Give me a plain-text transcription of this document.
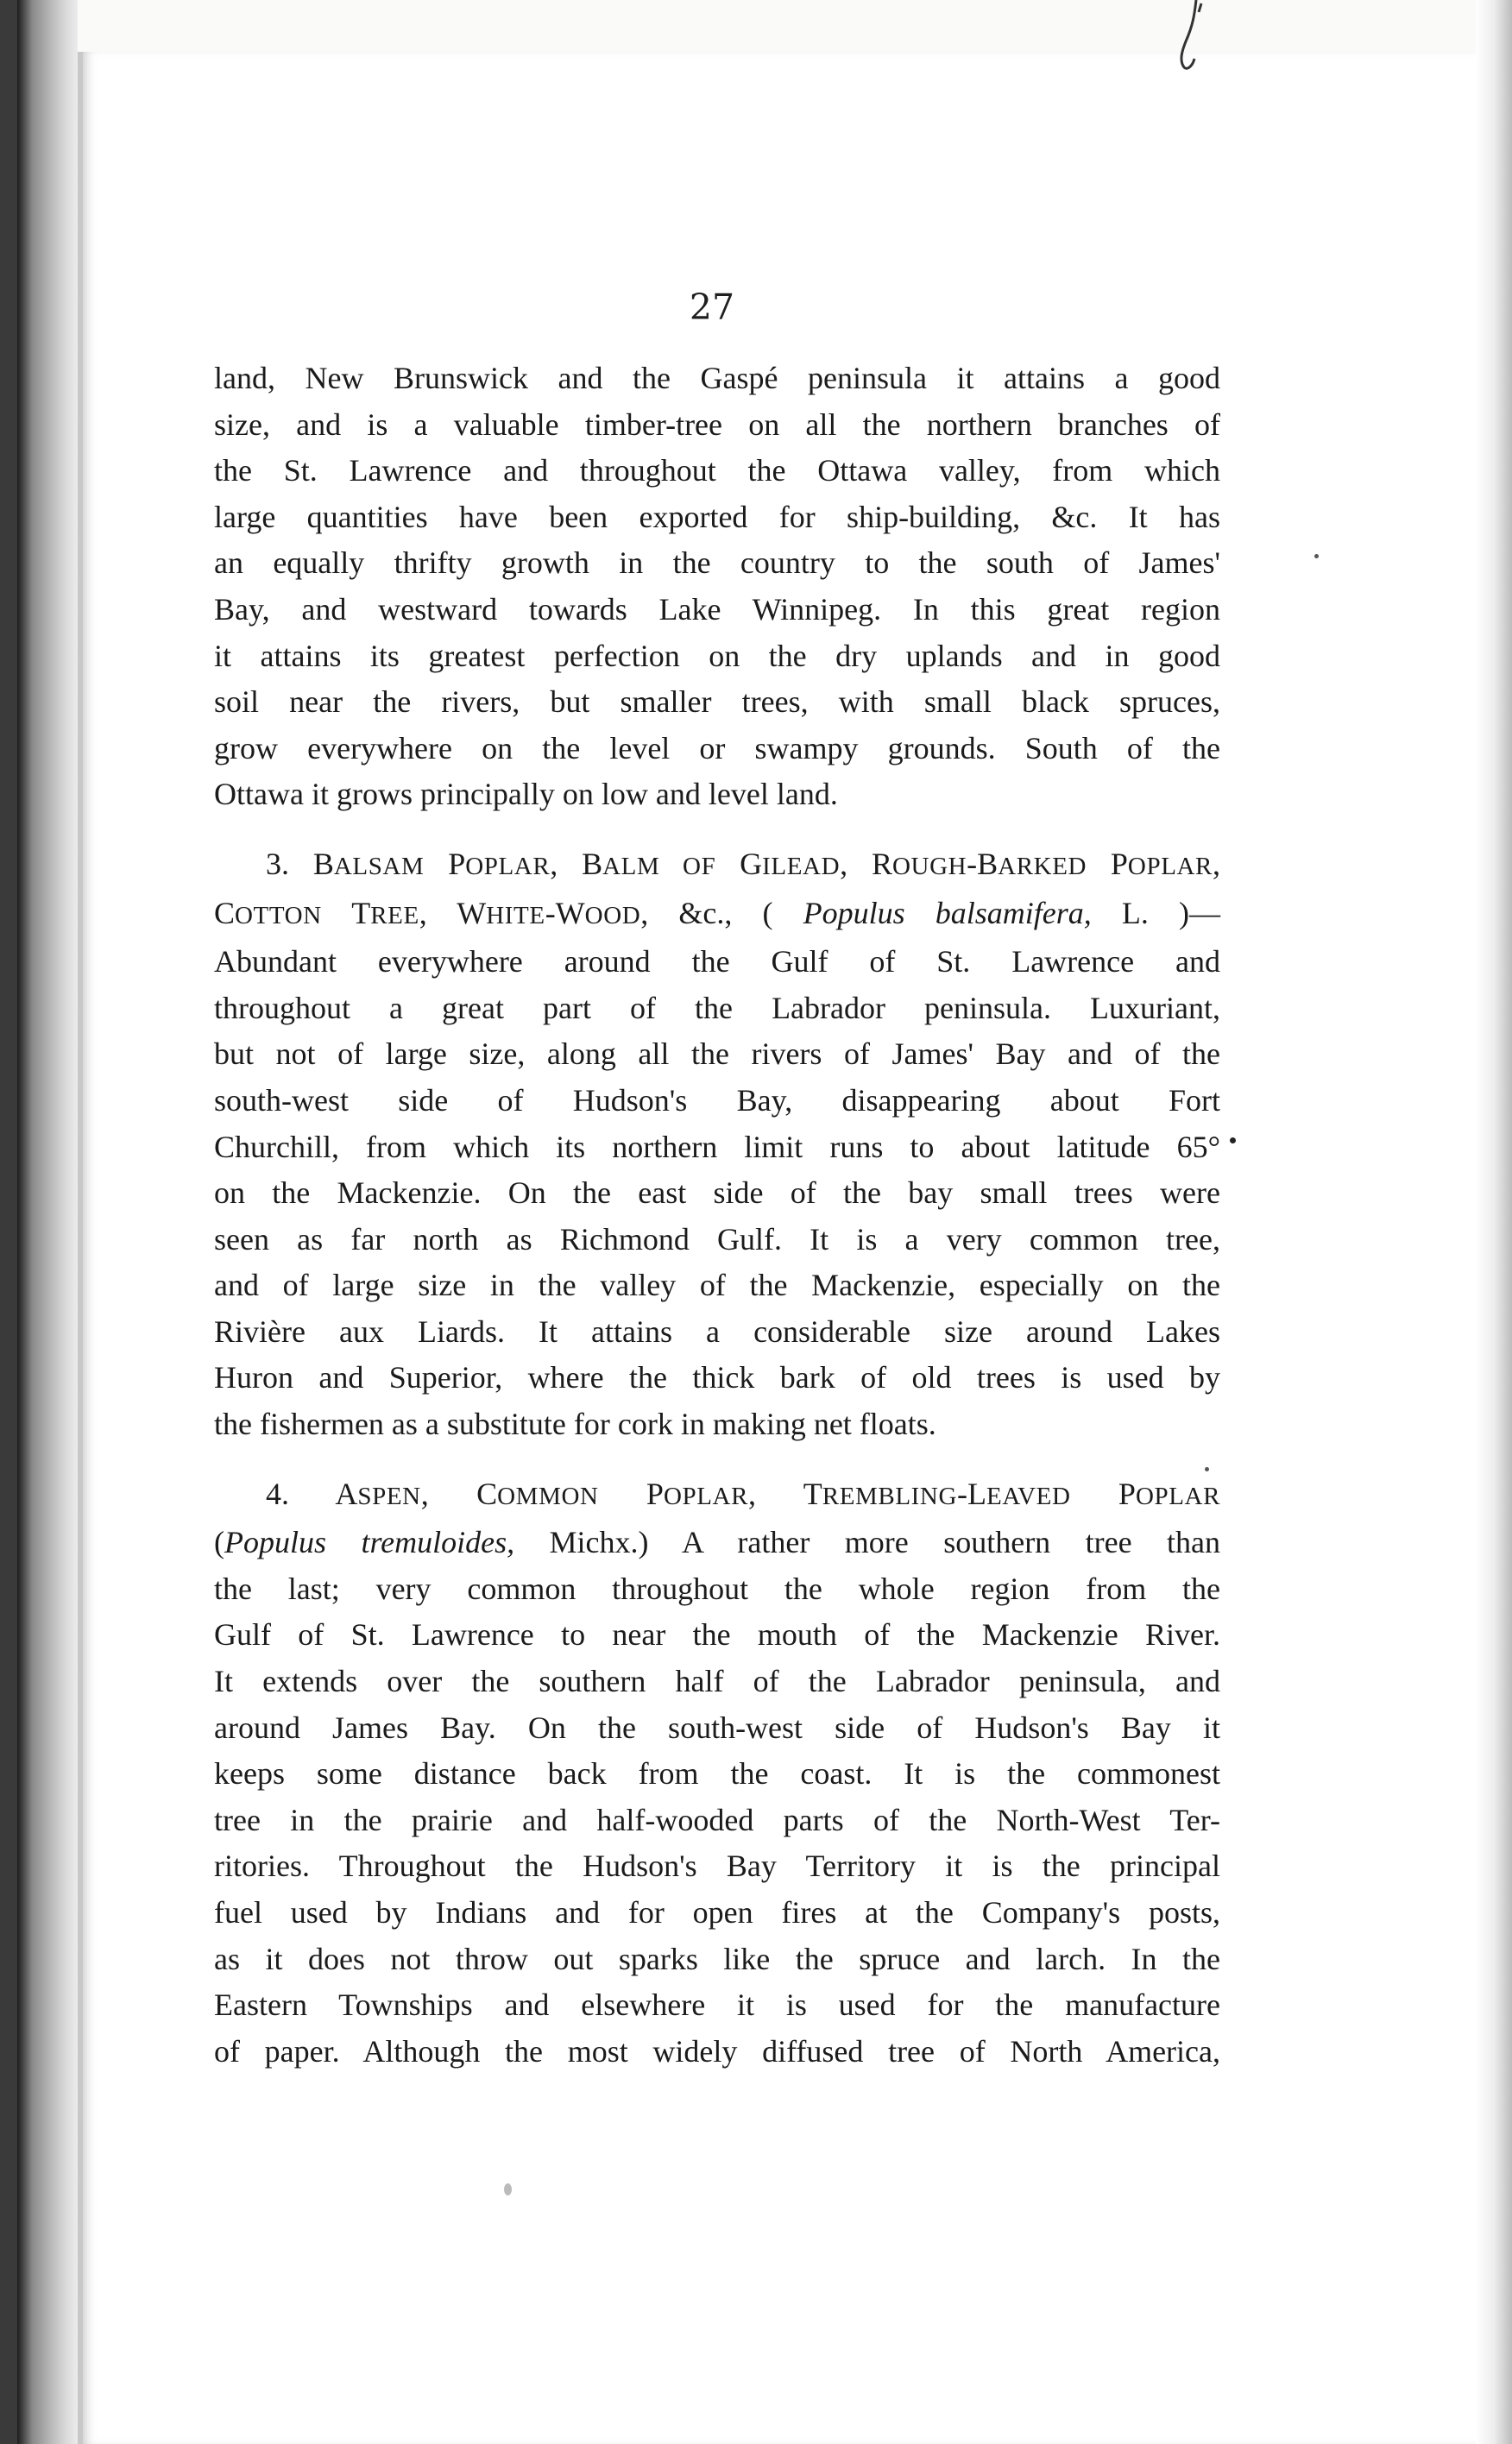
27
land, New Brunswick and the Gaspé peninsula it attains a good
size, and is a valuable timber-tree on all the northern branches of
the St. Lawrence and throughout the Ottawa valley, from which
large quantities have been exported for ship-building, &c. It has
an equally thrifty growth in the country to the south of James'
Bay, and westward towards Lake Winnipeg. In this great region
it attains its greatest perfection on the dry uplands and in good
soil near the rivers, but smaller trees, with small black spruces,
grow everywhere on the level or swampy grounds. South of the
Ottawa it grows principally on low and level land.
3. BALSAM POPLAR, BALM OF GILEAD, ROUGH-BARKED POPLAR,
COTTON TREE, WHITE-WOOD, &c., ( Populus balsamifera, L. )—
Abundant everywhere around the Gulf of St. Lawrence and
throughout a great part of the Labrador peninsula. Luxuriant,
but not of large size, along all the rivers of James' Bay and of the
south-west side of Hudson's Bay, disappearing about Fort
Churchill, from which its northern limit runs to about latitude 65°
on the Mackenzie. On the east side of the bay small trees were
seen as far north as Richmond Gulf. It is a very common tree,
and of large size in the valley of the Mackenzie, especially on the
Rivière aux Liards. It attains a considerable size around Lakes
Huron and Superior, where the thick bark of old trees is used by
the fishermen as a substitute for cork in making net floats.
4. ASPEN, COMMON POPLAR, TREMBLING-LEAVED POPLAR
(Populus tremuloides, Michx.) A rather more southern tree than
the last; very common throughout the whole region from the
Gulf of St. Lawrence to near the mouth of the Mackenzie River.
It extends over the southern half of the Labrador peninsula, and
around James Bay. On the south-west side of Hudson's Bay it
keeps some distance back from the coast. It is the commonest
tree in the prairie and half-wooded parts of the North-West Ter-
ritories. Throughout the Hudson's Bay Territory it is the principal
fuel used by Indians and for open fires at the Company's posts,
as it does not throw out sparks like the spruce and larch. In the
Eastern Townships and elsewhere it is used for the manufacture
of paper. Although the most widely diffused tree of North America,
